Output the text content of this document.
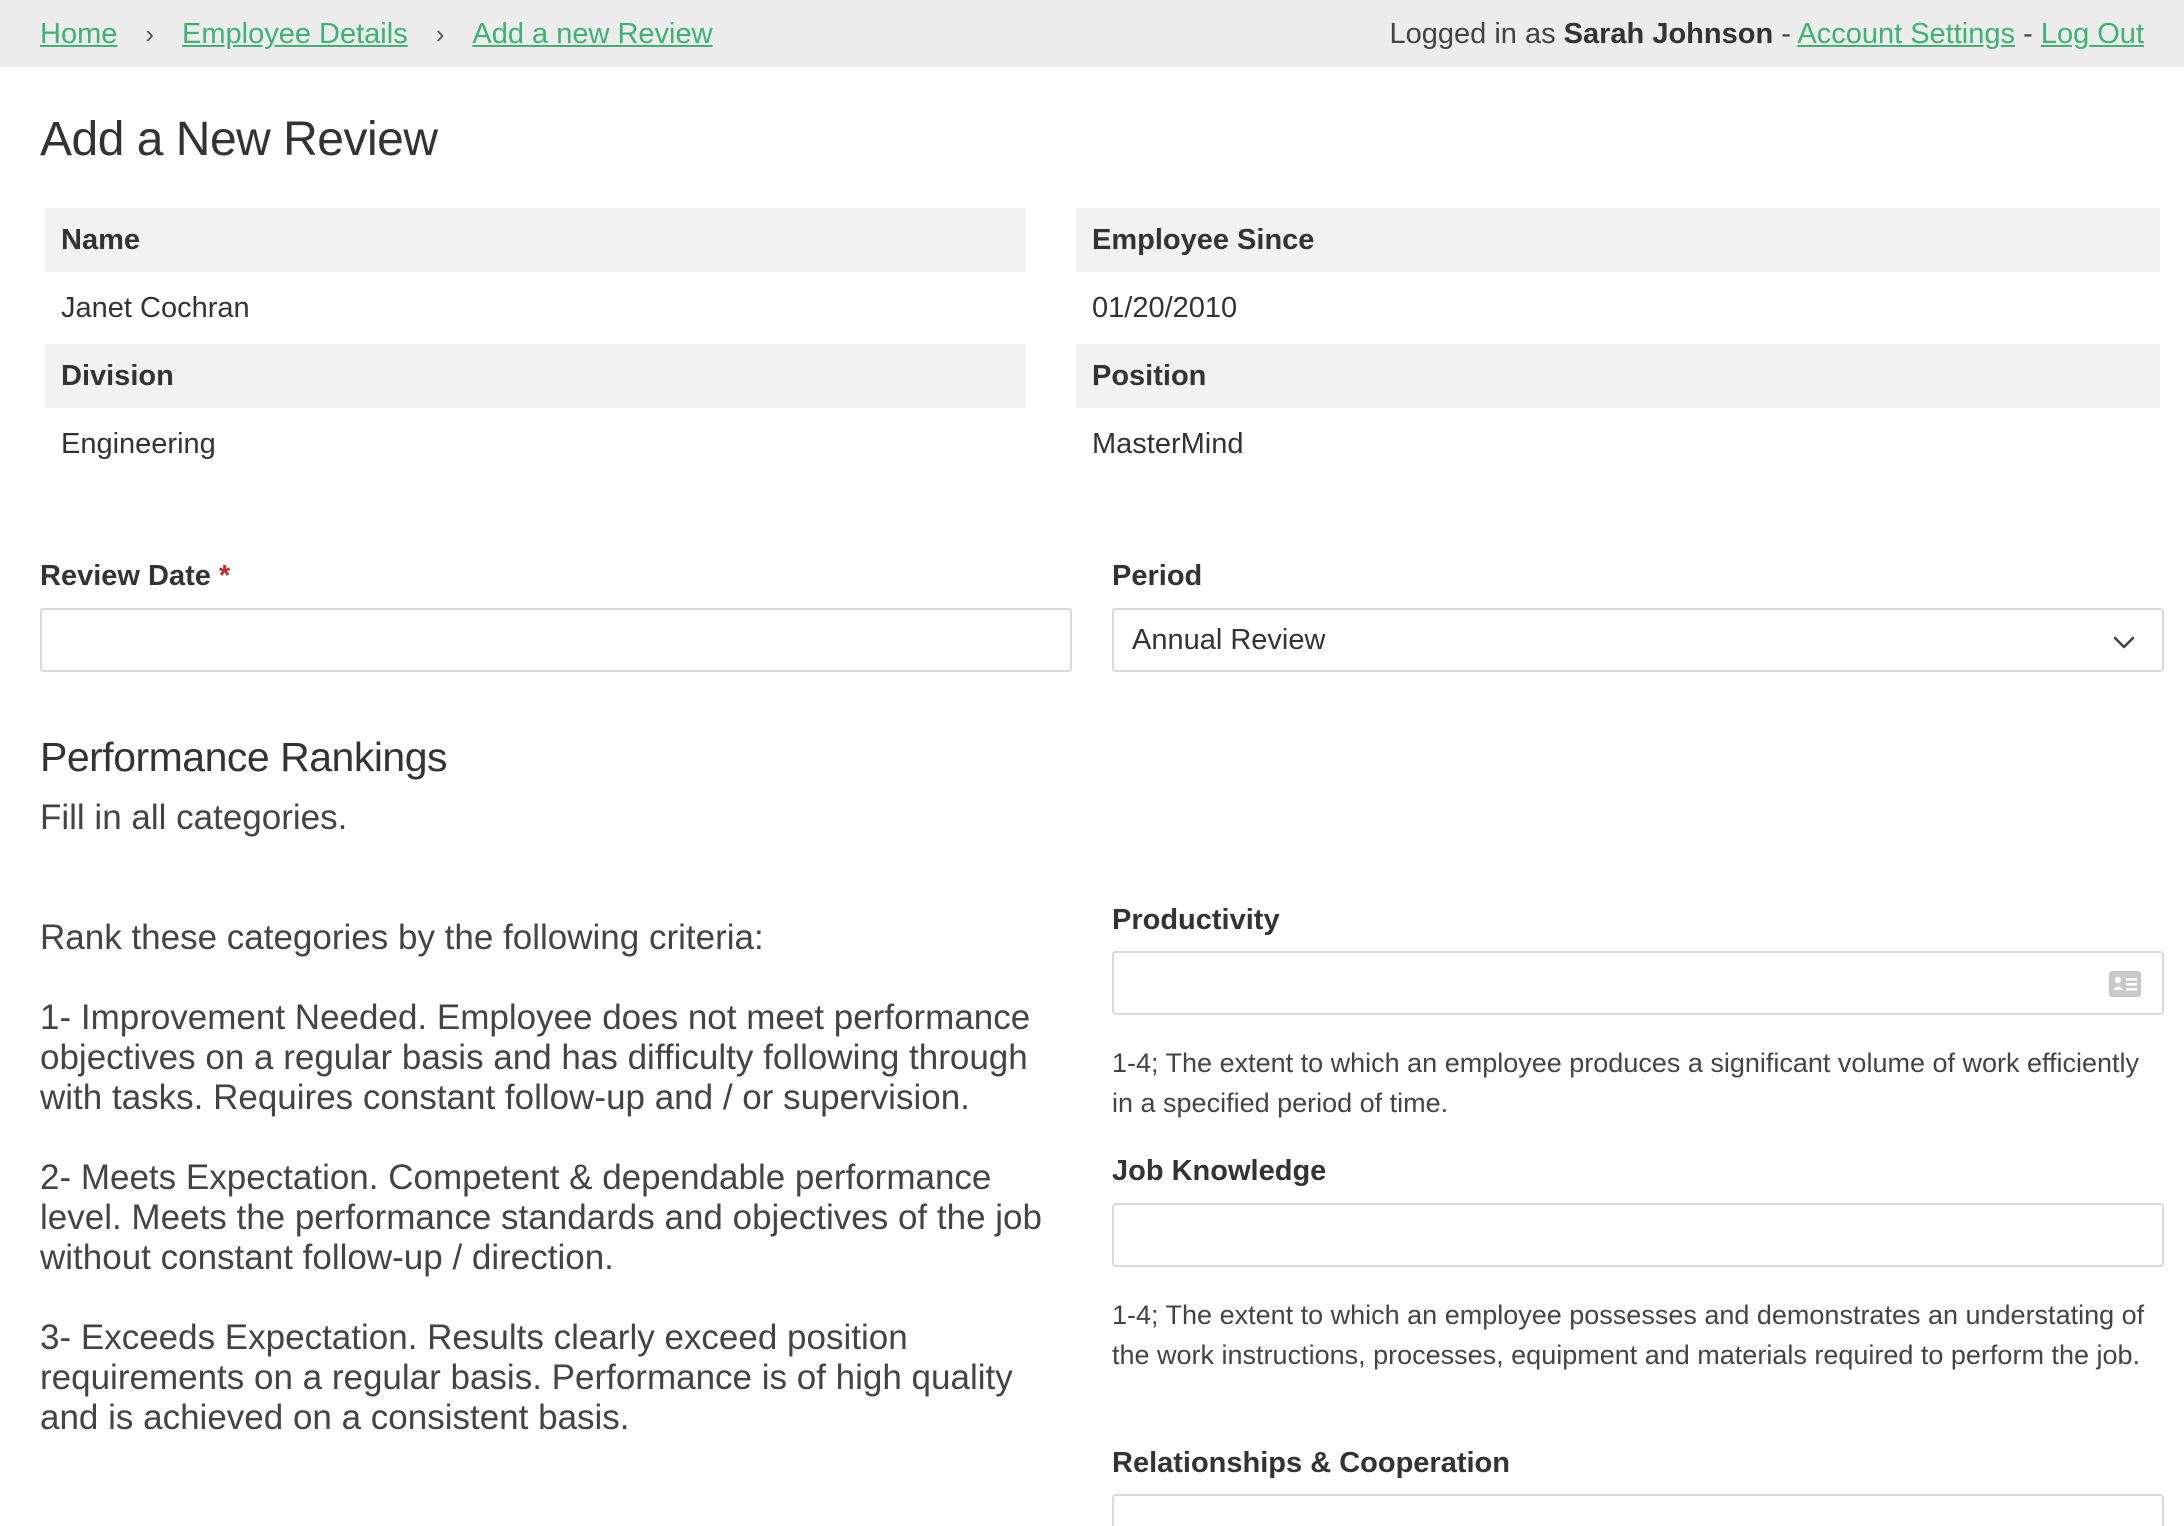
Home › Employee Details › Add a new Review	Logged in as Sarah Johnson - Account Settings - Log Out
Add a New Review
Name	Employee Since
Janet Cochran	01/20/2010
Division	Position
Engineering	MasterMind
Review Date *	Period
Annual Review
Performance Rankings
Fill in all categories.

Rank these categories by the following criteria:

1- Improvement Needed. Employee does not meet performance objectives on a regular basis and has difficulty following through with tasks. Requires constant follow-up and / or supervision.

2- Meets Expectation. Competent & dependable performance level. Meets the performance standards and objectives of the job without constant follow-up / direction.

3- Exceeds Expectation. Results clearly exceed position requirements on a regular basis. Performance is of high quality and is achieved on a consistent basis.

Productivity
1-4; The extent to which an employee produces a significant volume of work efficiently in a specified period of time.
Job Knowledge
1-4; The extent to which an employee possesses and demonstrates an understating of the work instructions, processes, equipment and materials required to perform the job.
Relationships & Cooperation
